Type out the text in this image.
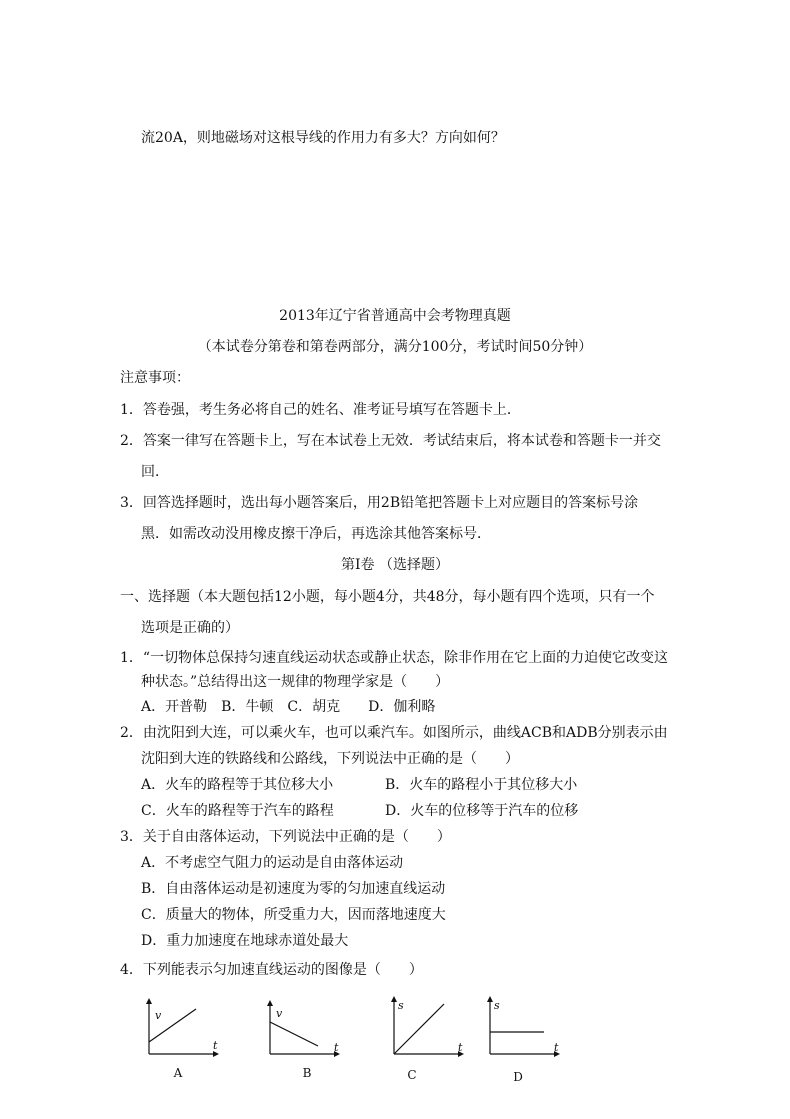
流20A，则地磁场对这根导线的作用力有多大？方向如何？
2013年辽宁省普通高中会考物理真题
（本试卷分第卷和第卷两部分，满分100分，考试时间50分钟）
注意事项：
1．答卷强，考生务必将自己的姓名、准考证号填写在答题卡上．
2．答案一律写在答题卡上，写在本试卷上无效．考试结束后，将本试卷和答题卡一并交
回．
3．回答选择题时，选出每小题答案后，用2B铅笔把答题卡上对应题目的答案标号涂
黑．如需改动没用橡皮擦干净后，再选涂其他答案标号．
第Ⅰ卷 （选择题）
一、选择题（本大题包括12小题，每小题4分，共48分，每小题有四个选项，只有一个
选项是正确的）
1．“一切物体总保持匀速直线运动状态或静止状态，除非作用在它上面的力迫使它改变这
种状态。”总结得出这一规律的物理学家是（　　）
A．开普勒　B．牛顿　C．胡克　　D．伽利略
2．由沈阳到大连，可以乘火车，也可以乘汽车。如图所示，曲线ACB和ADB分别表示由
沈阳到大连的铁路线和公路线，下列说法中正确的是（　　）
A．火车的路程等于其位移大小	B．火车的路程小于其位移大小
C．火车的路程等于汽车的路程	D．火车的位移等于汽车的位移
3．关于自由落体运动，下列说法中正确的是（　　）
A．不考虑空气阻力的运动是自由落体运动
B．自由落体运动是初速度为零的匀加速直线运动
C．质量大的物体，所受重力大，因而落地速度大
D．重力加速度在地球赤道处最大
4．下列能表示匀加速直线运动的图像是（　　）
v
t
A
v
t
B
s
t
C
s
t
D
